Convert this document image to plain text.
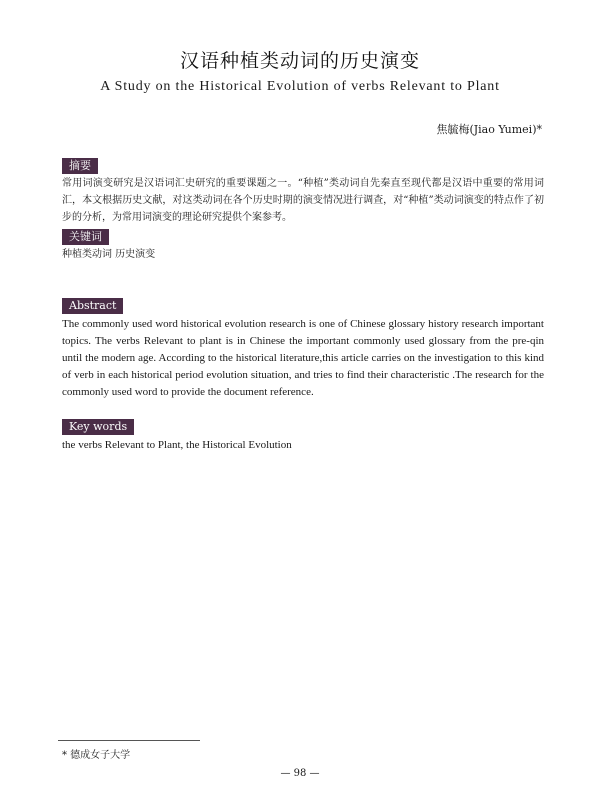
汉语种植类动词的历史演变
A Study on the Historical Evolution of verbs Relevant to Plant
焦毓梅(Jiao Yumei)*
摘要
常用词演变研究是汉语词汇史研究的重要课题之一。“种植”类动词自先秦直至现代都是汉语中重要的常用词汇，本文根据历史文献，对这类动词在各个历史时期的演变情况进行调查，对“种植”类动词演变的特点作了初步的分析，为常用词演变的理论研究提供个案参考。
关键词
种植类动词 历史演变
Abstract
The commonly used word historical evolution research is one of Chinese glossary history research important topics. The verbs Relevant to plant is in Chinese the important commonly used glossary from the pre-qin until the modern age. According to the historical literature,this article carries on the investigation to this kind of verb in each historical period evolution situation, and tries to find their characteristic .The research for the commonly used word to provide the document reference.
Key words
the verbs Relevant to Plant, the Historical Evolution
* 德成女子大学
— 98 —
